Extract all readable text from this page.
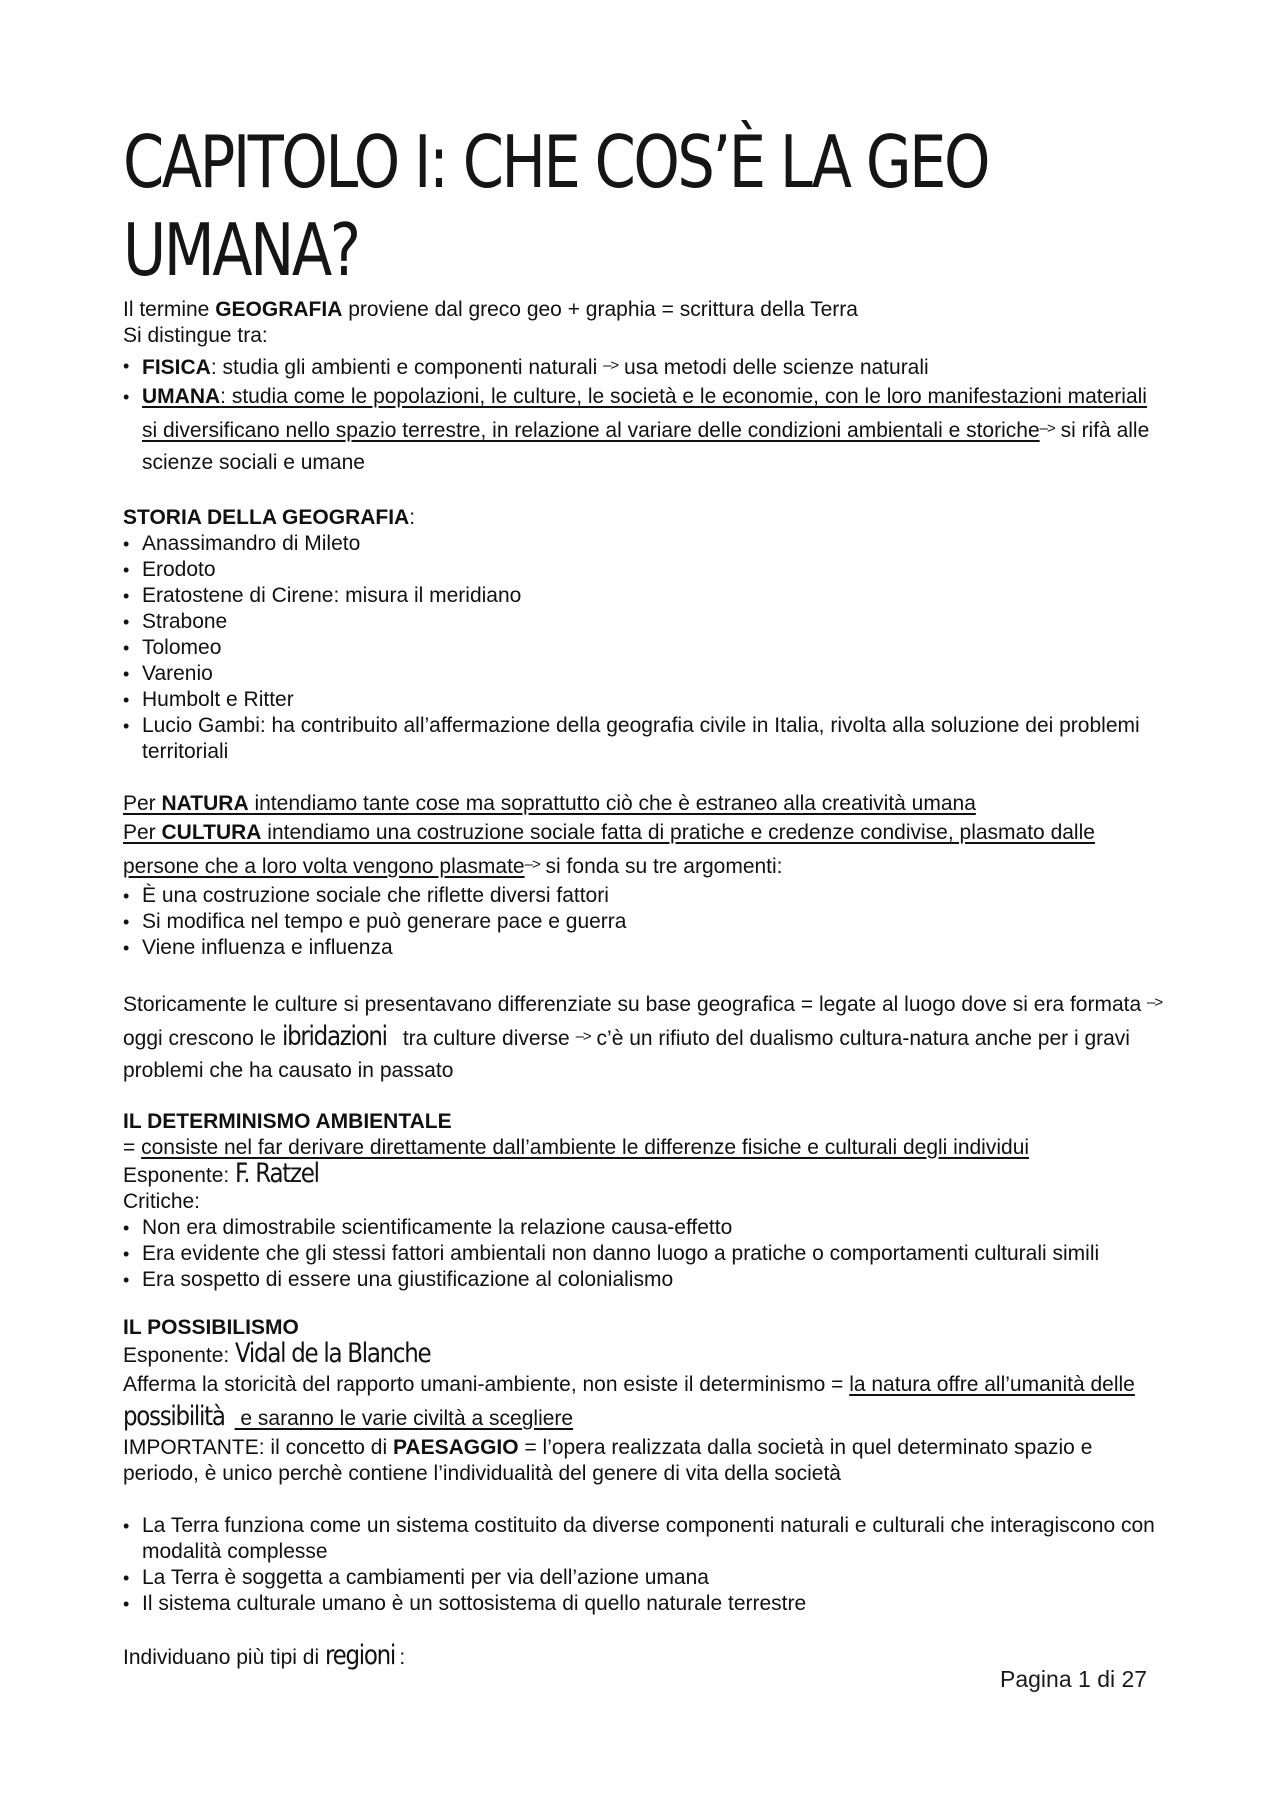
CAPITOLO I: CHE COS’È LA GEO UMANA?

Il termine GEOGRAFIA proviene dal greco geo + graphia = scrittura della Terra

Si distingue tra:

• FISICA: studia gli ambienti e componenti naturali –> usa metodi delle scienze naturali
• UMANA: studia come le popolazioni, le culture, le società e le economie, con le loro manifestazioni materiali si diversificano nello spazio terrestre, in relazione al variare delle condizioni ambientali e storiche–> si rifà alle scienze sociali e umane

STORIA DELLA GEOGRAFIA:

• Anassimandro di Mileto
• Erodoto
• Eratostene di Cirene: misura il meridiano
• Strabone
• Tolomeo
• Varenio
• Humbolt e Ritter
• Lucio Gambi: ha contribuito all’affermazione della geografia civile in Italia, rivolta alla soluzione dei problemi territoriali

Per NATURA intendiamo tante cose ma soprattutto ciò che è estraneo alla creatività umana

Per CULTURA intendiamo una costruzione sociale fatta di pratiche e credenze condivise, plasmato dalle persone che a loro volta vengono plasmate–> si fonda su tre argomenti:

• È una costruzione sociale che riflette diversi fattori
• Si modifica nel tempo e può generare pace e guerra
• Viene influenza e influenza

Storicamente le culture si presentavano differenziate su base geografica = legate al luogo dove si era formata –> oggi crescono le ibridazioni tra culture diverse –> c’è un rifiuto del dualismo cultura-natura anche per i gravi problemi che ha causato in passato

IL DETERMINISMO AMBIENTALE

= consiste nel far derivare direttamente dall’ambiente le differenze fisiche e culturali degli individui

Esponente: F. Ratzel

Critiche:

• Non era dimostrabile scientificamente la relazione causa-effetto
• Era evidente che gli stessi fattori ambientali non danno luogo a pratiche o comportamenti culturali simili
• Era sospetto di essere una giustificazione al colonialismo

IL POSSIBILISMO

Esponente: Vidal de la Blanche

Afferma la storicità del rapporto umani-ambiente, non esiste il determinismo = la natura offre all’umanità delle possibilità e saranno le varie civiltà a scegliere

IMPORTANTE: il concetto di PAESAGGIO = l’opera realizzata dalla società in quel determinato spazio e periodo, è unico perchè contiene l’individualità del genere di vita della società

• La Terra funziona come un sistema costituito da diverse componenti naturali e culturali che interagiscono con modalità complesse
• La Terra è soggetta a cambiamenti per via dell’azione umana
• Il sistema culturale umano è un sottosistema di quello naturale terrestre

Individuano più tipi di regioni :

Pagina 1 di 27
